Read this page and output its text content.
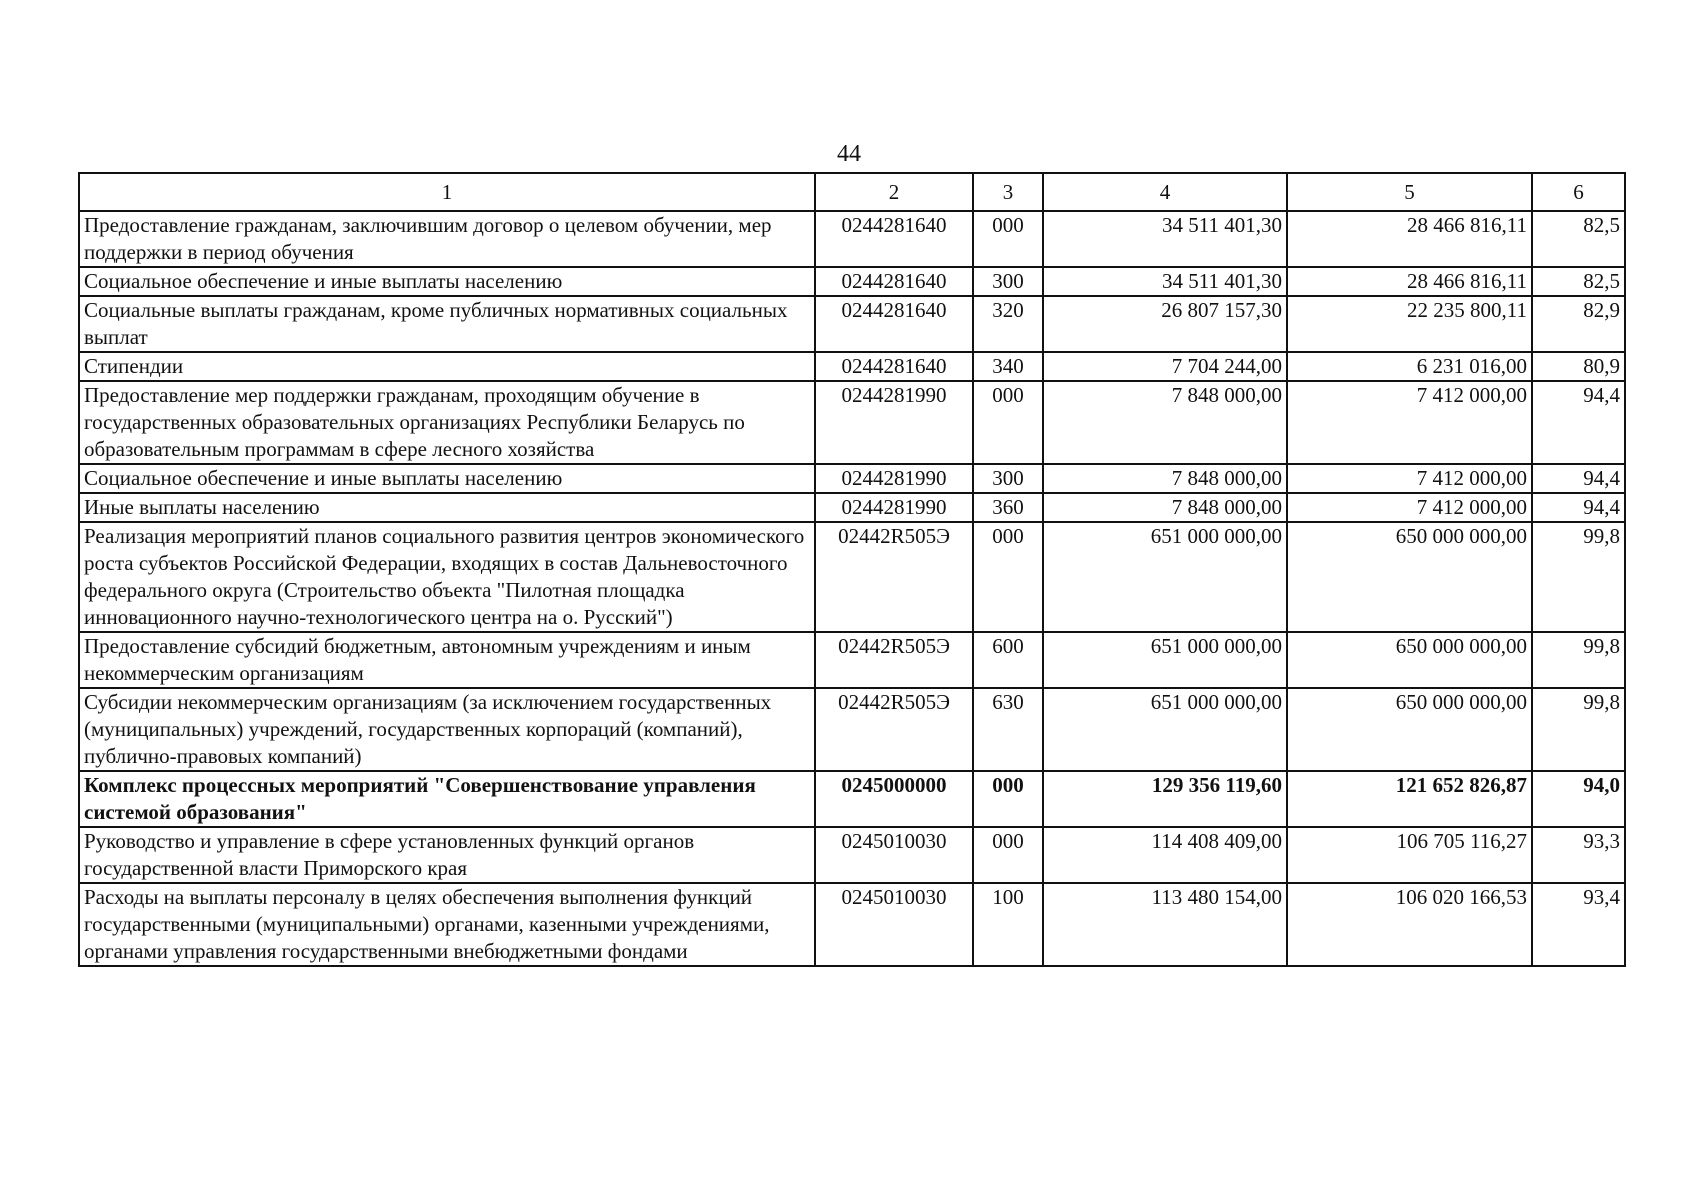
44
1	2	3	4	5	6
Предоставление гражданам, заключившим договор о целевом обучении, мер поддержки в период обучения	0244281640	000	34 511 401,30	28 466 816,11	82,5
Социальное обеспечение и иные выплаты населению	0244281640	300	34 511 401,30	28 466 816,11	82,5
Социальные выплаты гражданам, кроме публичных нормативных социальных выплат	0244281640	320	26 807 157,30	22 235 800,11	82,9
Стипендии	0244281640	340	7 704 244,00	6 231 016,00	80,9
Предоставление мер поддержки гражданам, проходящим обучение в государственных образовательных организациях Республики Беларусь по образовательным программам в сфере лесного хозяйства	0244281990	000	7 848 000,00	7 412 000,00	94,4
Социальное обеспечение и иные выплаты населению	0244281990	300	7 848 000,00	7 412 000,00	94,4
Иные выплаты населению	0244281990	360	7 848 000,00	7 412 000,00	94,4
Реализация мероприятий планов социального развития центров экономического роста субъектов Российской Федерации, входящих в состав Дальневосточного федерального округа (Строительство объекта "Пилотная площадка инновационного научно-технологического центра на о. Русский")	02442R505Э	000	651 000 000,00	650 000 000,00	99,8
Предоставление субсидий бюджетным, автономным учреждениям и иным некоммерческим организациям	02442R505Э	600	651 000 000,00	650 000 000,00	99,8
Субсидии некоммерческим организациям (за исключением государственных (муниципальных) учреждений, государственных корпораций (компаний), публично-правовых компаний)	02442R505Э	630	651 000 000,00	650 000 000,00	99,8
Комплекс процессных мероприятий "Совершенствование управления системой образования"	0245000000	000	129 356 119,60	121 652 826,87	94,0
Руководство и управление в сфере установленных функций органов государственной власти Приморского края	0245010030	000	114 408 409,00	106 705 116,27	93,3
Расходы на выплаты персоналу в целях обеспечения выполнения функций государственными (муниципальными) органами, казенными учреждениями, органами управления государственными внебюджетными фондами	0245010030	100	113 480 154,00	106 020 166,53	93,4
